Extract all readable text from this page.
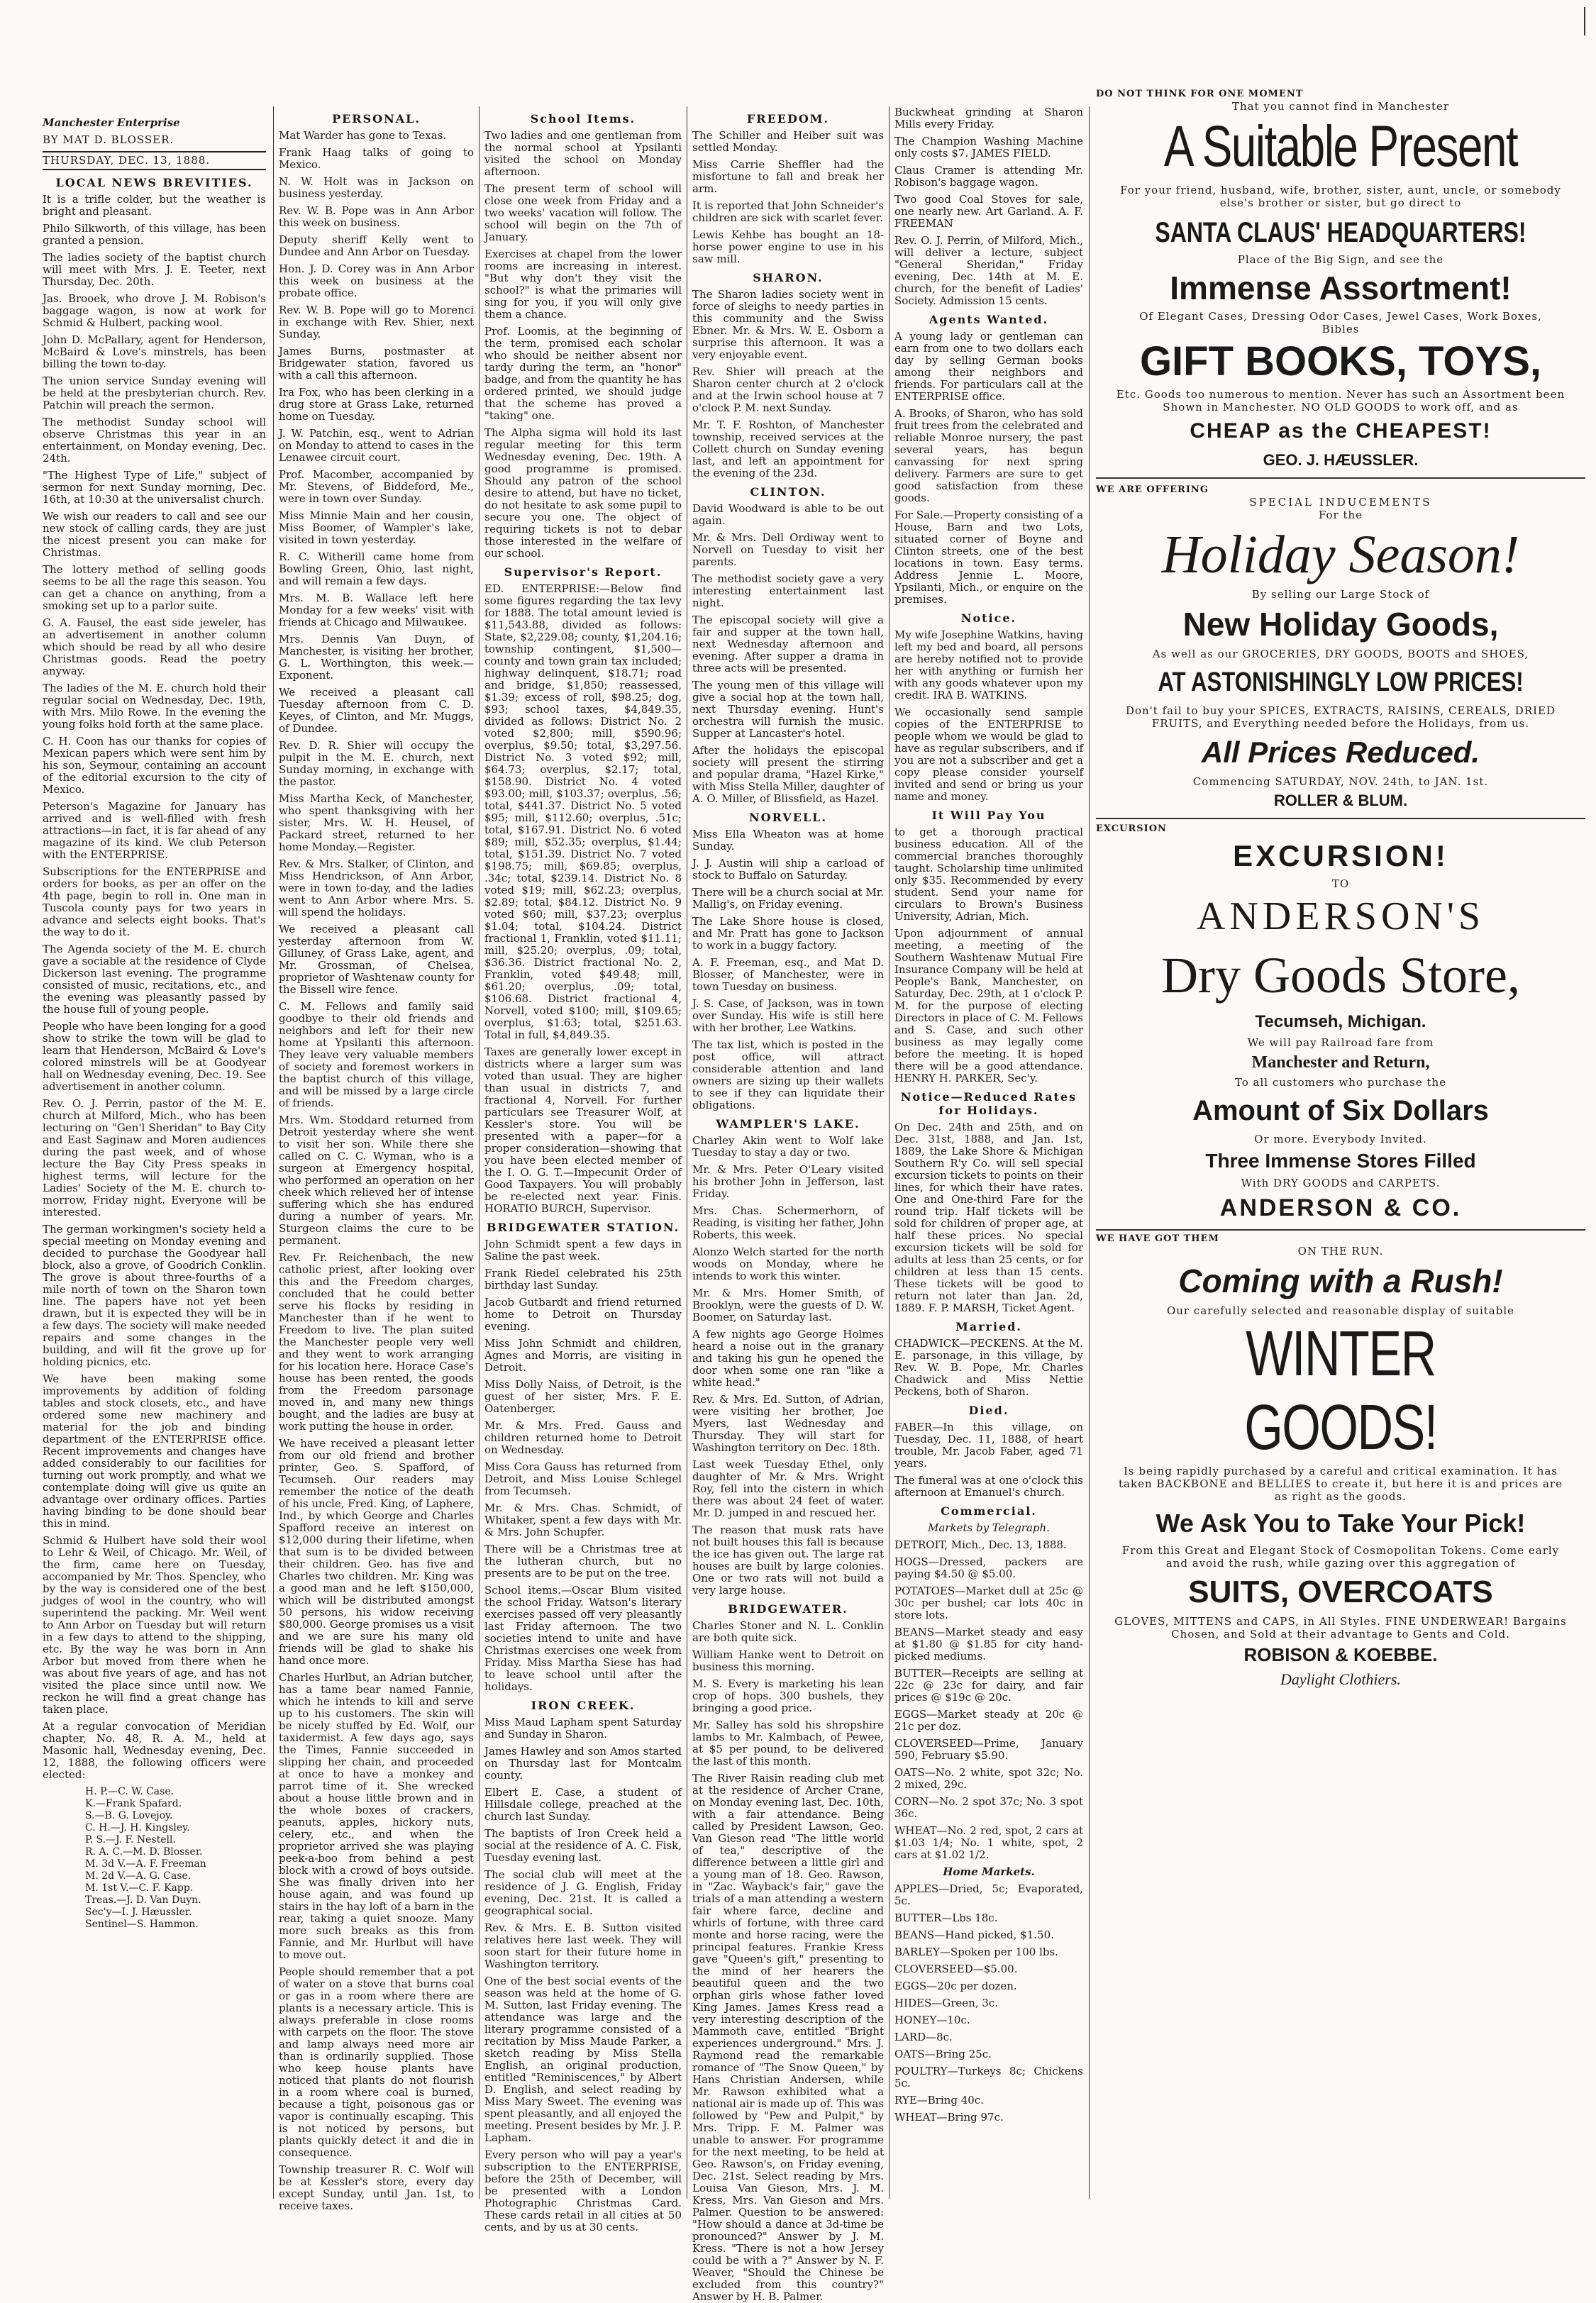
Manchester Enterprise

BY MAT D. BLOSSER.

THURSDAY, DEC. 13, 1888.

LOCAL NEWS BREVITIES.

It is a trifle colder, but the weather is bright and pleasant.

Philo Silkworth, of this village, has been granted a pension.

The ladies society of the baptist church will meet with Mrs. J. E. Teeter, next Thursday, Dec. 20th.

Jas. Brooek, who drove J. M. Robison's baggage wagon, is now at work for Schmid & Hulbert, packing wool.

John D. McPallary, agent for Henderson, McBaird & Love's minstrels, has been billing the town to-day.

The union service Sunday evening will be held at the presbyterian church. Rev. Patchin will preach the sermon.

The methodist Sunday school will observe Christmas this year in an entertainment, on Monday evening, Dec. 24th.

"The Highest Type of Life," subject of sermon for next Sunday morning, Dec. 16th, at 10:30 at the universalist church.

We wish our readers to call and see our new stock of calling cards, they are just the nicest present you can make for Christmas.

The lottery method of selling goods seems to be all the rage this season. You can get a chance on anything, from a smoking set up to a parlor suite.

G. A. Fausel, the east side jeweler, has an advertisement in another column which should be read by all who desire Christmas goods. Read the poetry anyway.

The ladies of the M. E. church hold their regular social on Wednesday, Dec. 19th, with Mrs. Milo Rowe. In the evening the young folks hold forth at the same place.

C. H. Coon has our thanks for copies of Mexican papers which were sent him by his son, Seymour, containing an account of the editorial excursion to the city of Mexico.

Peterson's Magazine for January has arrived and is well-filled with fresh attractions—in fact, it is far ahead of any magazine of its kind. We club Peterson with the ENTERPRISE.

Subscriptions for the ENTERPRISE and orders for books, as per an offer on the 4th page, begin to roll in. One man in Tuscola county pays for two years in advance and selects eight books. That's the way to do it.

The Agenda society of the M. E. church gave a sociable at the residence of Clyde Dickerson last evening. The programme consisted of music, recitations, etc., and the evening was pleasantly passed by the house full of young people.

People who have been longing for a good show to strike the town will be glad to learn that Henderson, McBaird & Love's colored minstrels will be at Goodyear hall on Wednesday evening, Dec. 19. See advertisement in another column.

Rev. O. J. Perrin, pastor of the M. E. church at Milford, Mich., who has been lecturing on "Gen'l Sheridan" to Bay City and East Saginaw and Moren audiences during the past week, and of whose lecture the Bay City Press speaks in highest terms, will lecture for the Ladies' Society of the M. E. church to-morrow, Friday night. Everyone will be interested.

The german workingmen's society held a special meeting on Monday evening and decided to purchase the Goodyear hall block, also a grove, of Goodrich Conklin. The grove is about three-fourths of a mile north of town on the Sharon town line. The papers have not yet been drawn, but it is expected they will be in a few days. The society will make needed repairs and some changes in the building, and will fit the grove up for holding picnics, etc.

We have been making some improvements by addition of folding tables and stock closets, etc., and have ordered some new machinery and material for the job and binding department of the ENTERPRISE office. Recent improvements and changes have added considerably to our facilities for turning out work promptly, and what we contemplate doing will give us quite an advantage over ordinary offices. Parties having binding to be done should bear this in mind.

Schmid & Hulbert have sold their wool to Lehr & Weil, of Chicago. Mr. Weil, of the firm, came here on Tuesday, accompanied by Mr. Thos. Spencley, who by the way is considered one of the best judges of wool in the country, who will superintend the packing. Mr. Weil went to Ann Arbor on Tuesday but will return in a few days to attend to the shipping, etc. By the way he was born in Ann Arbor but moved from there when he was about five years of age, and has not visited the place since until now. We reckon he will find a great change has taken place.

At a regular convocation of Meridian chapter, No. 48, R. A. M., held at Masonic hall, Wednesday evening, Dec. 12, 1888, the following officers were elected:

H. P.—C. W. Case.

K.—Frank Spafard.

S.—B. G. Lovejoy.

C. H.—J. H. Kingsley.

P. S.—J. F. Nestell.

R. A. C.—M. D. Blosser.

M. 3d V.—A. F. Freeman

M. 2d V.—A. G. Case.

M. 1st V.—C. F. Kapp.

Treas.—J. D. Van Duyn.

Sec'y—I. J. Hæussler.

Sentinel—S. Hammon.

PERSONAL.

Mat Warder has gone to Texas.

Frank Haag talks of going to Mexico.

N. W. Holt was in Jackson on business yesterday.

Rev. W. B. Pope was in Ann Arbor this week on business.

Deputy sheriff Kelly went to Dundee and Ann Arbor on Tuesday.

Hon. J. D. Corey was in Ann Arbor this week on business at the probate office.

Rev. W. B. Pope will go to Morenci in exchange with Rev. Shier, next Sunday.

James Burns, postmaster at Bridgewater station, favored us with a call this afternoon.

Ira Fox, who has been clerking in a drug store at Grass Lake, returned home on Tuesday.

J. W. Patchin, esq., went to Adrian on Monday to attend to cases in the Lenawee circuit court.

Prof. Macomber, accompanied by Mr. Stevens, of Biddeford, Me., were in town over Sunday.

Miss Minnie Main and her cousin, Miss Boomer, of Wampler's lake, visited in town yesterday.

R. C. Witherill came home from Bowling Green, Ohio, last night, and will remain a few days.

Mrs. M. B. Wallace left here Monday for a few weeks' visit with friends at Chicago and Milwaukee.

Mrs. Dennis Van Duyn, of Manchester, is visiting her brother, G. L. Worthington, this week.—Exponent.

We received a pleasant call Tuesday afternoon from C. D. Keyes, of Clinton, and Mr. Muggs, of Dundee.

Rev. D. R. Shier will occupy the pulpit in the M. E. church, next Sunday morning, in exchange with the pastor.

Miss Martha Keck, of Manchester, who spent thanksgiving with her sister, Mrs. W. H. Heusel, of Packard street, returned to her home Monday.—Register.

Rev. & Mrs. Stalker, of Clinton, and Miss Hendrickson, of Ann Arbor, were in town to-day, and the ladies went to Ann Arbor where Mrs. S. will spend the holidays.

We received a pleasant call yesterday afternoon from W. Gilluney, of Grass Lake, agent, and Mr. Grossman, of Chelsea, proprietor of Washtenaw county for the Bissell wire fence.

C. M. Fellows and family said goodbye to their old friends and neighbors and left for their new home at Ypsilanti this afternoon. They leave very valuable members of society and foremost workers in the baptist church of this village, and will be missed by a large circle of friends.

Mrs. Wm. Stoddard returned from Detroit yesterday where she went to visit her son. While there she called on C. C. Wyman, who is a surgeon at Emergency hospital, who performed an operation on her cheek which relieved her of intense suffering which she has endured during a number of years. Mr. Sturgeon claims the cure to be permanent.

Rev. Fr. Reichenbach, the new catholic priest, after looking over this and the Freedom charges, concluded that he could better serve his flocks by residing in Manchester than if he went to Freedom to live. The plan suited the Manchester people very well and they went to work arranging for his location here. Horace Case's house has been rented, the goods from the Freedom parsonage moved in, and many new things bought, and the ladies are busy at work putting the house in order.

We have received a pleasant letter from our old friend and brother printer, Geo. S. Spafford, of Tecumseh. Our readers may remember the notice of the death of his uncle, Fred. King, of Laphere, Ind., by which George and Charles Spafford receive an interest on $12,000 during their lifetime, when that sum is to be divided between their children. Geo. has five and Charles two children. Mr. King was a good man and he left $150,000, which will be distributed amongst 50 persons, his widow receiving $80,000. George promises us a visit and we are sure his many old friends will be glad to shake his hand once more.

Charles Hurlbut, an Adrian butcher, has a tame bear named Fannie, which he intends to kill and serve up to his customers. The skin will be nicely stuffed by Ed. Wolf, our taxidermist. A few days ago, says the Times, Fannie succeeded in slipping her chain, and proceeded at once to have a monkey and parrot time of it. She wrecked about a house little brown and in the whole boxes of crackers, peanuts, apples, hickory nuts, celery, etc., and when the proprietor arrived she was playing peek-a-boo from behind a pest block with a crowd of boys outside. She was finally driven into her house again, and was found up stairs in the hay loft of a barn in the rear, taking a quiet snooze. Many more such breaks as this from Fannie, and Mr. Hurlbut will have to move out.

People should remember that a pot of water on a stove that burns coal or gas in a room where there are plants is a necessary article. This is always preferable in close rooms with carpets on the floor. The stove and lamp always need more air than is ordinarily supplied. Those who keep house plants have noticed that plants do not flourish in a room where coal is burned, because a tight, poisonous gas or vapor is continually escaping. This is not noticed by persons, but plants quickly detect it and die in consequence.

Township treasurer R. C. Wolf will be at Kessler's store, every day except Sunday, until Jan. 1st, to receive taxes.

School Items.

Two ladies and one gentleman from the normal school at Ypsilanti visited the school on Monday afternoon.

The present term of school will close one week from Friday and a two weeks' vacation will follow. The school will begin on the 7th of January.

Exercises at chapel from the lower rooms are increasing in interest. "But why don't they visit the school?" is what the primaries will sing for you, if you will only give them a chance.

Prof. Loomis, at the beginning of the term, promised each scholar who should be neither absent nor tardy during the term, an "honor" badge, and from the quantity he has ordered printed, we should judge that the scheme has proved a "taking" one.

The Alpha sigma will hold its last regular meeting for this term Wednesday evening, Dec. 19th. A good programme is promised. Should any patron of the school desire to attend, but have no ticket, do not hesitate to ask some pupil to secure you one. The object of requiring tickets is not to debar those interested in the welfare of our school.

Supervisor's Report.

ED. ENTERPRISE:—Below find some figures regarding the tax levy for 1888. The total amount levied is $11,543.88, divided as follows: State, $2,229.08; county, $1,204.16; township contingent, $1,500—county and town grain tax included; highway delinquent, $18.71; road and bridge, $1,850; reassessed, $1.39; excess of roll, $98.25; dog, $93; school taxes, $4,849.35, divided as follows: District No. 2 voted $2,800; mill, $590.96; overplus, $9.50; total, $3,297.56. District No. 3 voted $92; mill, $64.73; overplus, $2.17; total, $158.90. District No. 4 voted $93.00; mill, $103.37; overplus, .56; total, $441.37. District No. 5 voted $95; mill, $112.60; overplus, .51c; total, $167.91. District No. 6 voted $89; mill, $52.35; overplus, $1.44; total, $151.39. District No. 7 voted $198.75; mill, $69.85; overplus, .34c; total, $239.14. District No. 8 voted $19; mill, $62.23; overplus, $2.89; total, $84.12. District No. 9 voted $60; mill, $37.23; overplus $1.04; total, $104.24. District fractional 1, Franklin, voted $11.11; mill, $25.20; overplus, .09; total, $36.36. District fractional No. 2, Franklin, voted $49.48; mill, $61.20; overplus, .09; total, $106.68. District fractional 4, Norvell, voted $100; mill, $109.65; overplus, $1.63; total, $251.63. Total in full, $4,849.35.

Taxes are generally lower except in districts where a larger sum was voted than usual. They are higher than usual in districts 7, and fractional 4, Norvell. For further particulars see Treasurer Wolf, at Kessler's store. You will be presented with a paper—for a proper consideration—showing that you have been elected member of the I. O. G. T.—Impecunit Order of Good Taxpayers. You will probably be re-elected next year. Finis. HORATIO BURCH, Supervisor.

BRIDGEWATER STATION.

John Schmidt spent a few days in Saline the past week.

Frank Riedel celebrated his 25th birthday last Sunday.

Jacob Gutbardt and friend returned home to Detroit on Thursday evening.

Miss John Schmidt and children, Agnes and Morris, are visiting in Detroit.

Miss Dolly Naiss, of Detroit, is the guest of her sister, Mrs. F. E. Oatenberger.

Mr. & Mrs. Fred. Gauss and children returned home to Detroit on Wednesday.

Miss Cora Gauss has returned from Detroit, and Miss Louise Schlegel from Tecumseh.

Mr. & Mrs. Chas. Schmidt, of Whitaker, spent a few days with Mr. & Mrs. John Schupfer.

There will be a Christmas tree at the lutheran church, but no presents are to be put on the tree.

School items.—Oscar Blum visited the school Friday. Watson's literary exercises passed off very pleasantly last Friday afternoon. The two societies intend to unite and have Christmas exercises one week from Friday. Miss Martha Siese has had to leave school until after the holidays.

IRON CREEK.

Miss Maud Lapham spent Saturday and Sunday in Sharon.

James Hawley and son Amos started on Thursday last for Montcalm county.

Elbert E. Case, a student of Hillsdale college, preached at the church last Sunday.

The baptists of Iron Creek held a social at the residence of A. C. Fisk, Tuesday evening last.

The social club will meet at the residence of J. G. English, Friday evening, Dec. 21st. It is called a geographical social.

Rev. & Mrs. E. B. Sutton visited relatives here last week. They will soon start for their future home in Washington territory.

One of the best social events of the season was held at the home of G. M. Sutton, last Friday evening. The attendance was large and the literary programme consisted of a recitation by Miss Maude Parker, a sketch reading by Miss Stella English, an original production, entitled "Reminiscences," by Albert D. English, and select reading by Miss Mary Sweet. The evening was spent pleasantly, and all enjoyed the meeting. Present besides by Mr. J. P. Lapham.

Every person who will pay a year's subscription to the ENTERPRISE, before the 25th of December, will be presented with a London Photographic Christmas Card. These cards retail in all cities at 50 cents, and by us at 30 cents.

FREEDOM.

The Schiller and Heiber suit was settled Monday.

Miss Carrie Sheffler had the misfortune to fall and break her arm.

It is reported that John Schneider's children are sick with scarlet fever.

Lewis Kehbe has bought an 18-horse power engine to use in his saw mill.

SHARON.

The Sharon ladies society went in force of sleighs to needy parties in this community and the Swiss Ebner. Mr. & Mrs. W. E. Osborn a surprise this afternoon. It was a very enjoyable event.

Rev. Shier will preach at the Sharon center church at 2 o'clock and at the Irwin school house at 7 o'clock P. M. next Sunday.

Mr. T. F. Roshton, of Manchester township, received services at the Collett church on Sunday evening last, and left an appointment for the evening of the 23d.

CLINTON.

David Woodward is able to be out again.

Mr. & Mrs. Dell Ordiway went to Norvell on Tuesday to visit her parents.

The methodist society gave a very interesting entertainment last night.

The episcopal society will give a fair and supper at the town hall, next Wednesday afternoon and evening. After supper a drama in three acts will be presented.

The young men of this village will give a social hop at the town hall, next Thursday evening. Hunt's orchestra will furnish the music. Supper at Lancaster's hotel.

After the holidays the episcopal society will present the stirring and popular drama, "Hazel Kirke," with Miss Stella Miller, daughter of A. O. Miller, of Blissfield, as Hazel.

NORVELL.

Miss Ella Wheaton was at home Sunday.

J. J. Austin will ship a carload of stock to Buffalo on Saturday.

There will be a church social at Mr. Mallig's, on Friday evening.

The Lake Shore house is closed, and Mr. Pratt has gone to Jackson to work in a buggy factory.

A. F. Freeman, esq., and Mat D. Blosser, of Manchester, were in town Tuesday on business.

J. S. Case, of Jackson, was in town over Sunday. His wife is still here with her brother, Lee Watkins.

The tax list, which is posted in the post office, will attract considerable attention and land owners are sizing up their wallets to see if they can liquidate their obligations.

WAMPLER'S LAKE.

Charley Akin went to Wolf lake Tuesday to stay a day or two.

Mr. & Mrs. Peter O'Leary visited his brother John in Jefferson, last Friday.

Mrs. Chas. Schermerhorn, of Reading, is visiting her father, John Roberts, this week.

Alonzo Welch started for the north woods on Monday, where he intends to work this winter.

Mr. & Mrs. Homer Smith, of Brooklyn, were the guests of D. W. Boomer, on Saturday last.

A few nights ago George Holmes heard a noise out in the granary and taking his gun he opened the door when some one ran "like a white head."

Rev. & Mrs. Ed. Sutton, of Adrian, were visiting her brother, Joe Myers, last Wednesday and Thursday. They will start for Washington territory on Dec. 18th.

Last week Tuesday Ethel, only daughter of Mr. & Mrs. Wright Roy, fell into the cistern in which there was about 24 feet of water. Mr. D. jumped in and rescued her.

The reason that musk rats have not built houses this fall is because the ice has given out. The large rat houses are built by large colonies. One or two rats will not build a very large house.

BRIDGEWATER.

Charles Stoner and N. L. Conklin are both quite sick.

William Hanke went to Detroit on business this morning.

M. S. Every is marketing his lean crop of hops. 300 bushels, they bringing a good price.

Mr. Salley has sold his shropshire lambs to Mr. Kalmbach, of Pewee, at $5 per pound, to be delivered the last of this month.

The River Raisin reading club met at the residence of Archer Crane, on Monday evening last, Dec. 10th, with a fair attendance. Being called by President Lawson, Geo. Van Gieson read "The little world of tea," descriptive of the difference between a little girl and a young man of 18. Geo. Rawson, in "Zac. Wayback's fair," gave the trials of a man attending a western fair where farce, decline and whirls of fortune, with three card monte and horse racing, were the principal features. Frankie Kress gave "Queen's gift," presenting to the mind of her hearers the beautiful queen and the two orphan girls whose father loved King James. James Kress read a very interesting description of the Mammoth cave, entitled "Bright experiences underground." Mrs. J. Raymond read the remarkable romance of "The Snow Queen," by Hans Christian Andersen, while Mr. Rawson exhibited what a national air is made up of. This was followed by "Pew and Pulpit," by Mrs. Tripp. F. M. Palmer was unable to answer. For programme for the next meeting, to be held at Geo. Rawson's, on Friday evening, Dec. 21st. Select reading by Mrs. Louisa Van Gieson, Mrs. J. M. Kress, Mrs. Van Gieson and Mrs. Palmer. Question to be answered: "How should a dance at 3d-time be pronounced?" Answer by J. M. Kress. "There is not a how Jersey could be with a ?" Answer by N. F. Weaver, "Should the Chinese be excluded from this country?" Answer by H. B. Palmer.

Buckwheat grinding at Sharon Mills every Friday.

The Champion Washing Machine only costs $7. JAMES FIELD.

Claus Cramer is attending Mr. Robison's baggage wagon.

Two good Coal Stoves for sale, one nearly new. Art Garland. A. F. FREEMAN

Rev. O. J. Perrin, of Milford, Mich., will deliver a lecture, subject "General Sheridan," Friday evening, Dec. 14th at M. E. church, for the benefit of Ladies' Society. Admission 15 cents.

Agents Wanted.

A young lady or gentleman can earn from one to two dollars each day by selling German books among their neighbors and friends. For particulars call at the ENTERPRISE office.

A. Brooks, of Sharon, who has sold fruit trees from the celebrated and reliable Monroe nursery, the past several years, has begun canvassing for next spring delivery. Farmers are sure to get good satisfaction from these goods.

For Sale.—Property consisting of a House, Barn and two Lots, situated corner of Boyne and Clinton streets, one of the best locations in town. Easy terms. Address Jennie L. Moore, Ypsilanti, Mich., or enquire on the premises.

Notice.

My wife Josephine Watkins, having left my bed and board, all persons are hereby notified not to provide her with anything or furnish her with any goods whatever upon my credit. IRA B. WATKINS.

We occasionally send sample copies of the ENTERPRISE to people whom we would be glad to have as regular subscribers, and if you are not a subscriber and get a copy please consider yourself invited and send or bring us your name and money.

It Will Pay You

to get a thorough practical business education. All of the commercial branches thoroughly taught. Scholarship time unlimited only $35. Recommended by every student. Send your name for circulars to Brown's Business University, Adrian, Mich.

Upon adjournment of annual meeting, a meeting of the Southern Washtenaw Mutual Fire Insurance Company will be held at People's Bank, Manchester, on Saturday, Dec. 29th, at 1 o'clock P. M. for the purpose of electing Directors in place of C. M. Fellows and S. Case, and such other business as may legally come before the meeting. It is hoped there will be a good attendance. HENRY H. PARKER, Sec'y.

Notice—Reduced Rates for Holidays.

On Dec. 24th and 25th, and on Dec. 31st, 1888, and Jan. 1st, 1889, the Lake Shore & Michigan Southern R'y Co. will sell special excursion tickets to points on their lines, for which their have rates. One and One-third Fare for the round trip. Half tickets will be sold for children of proper age, at half these prices. No special excursion tickets will be sold for adults at less than 25 cents, or for children at less than 15 cents. These tickets will be good to return not later than Jan. 2d, 1889. F. P. MARSH, Ticket Agent.

Married.

CHADWICK—PECKENS. At the M. E. parsonage, in this village, by Rev. W. B. Pope, Mr. Charles Chadwick and Miss Nettie Peckens, both of Sharon.

Died.

FABER—In this village, on Tuesday, Dec. 11, 1888, of heart trouble, Mr. Jacob Faber, aged 71 years.

The funeral was at one o'clock this afternoon at Emanuel's church.

Commercial.

Markets by Telegraph.

DETROIT, Mich., Dec. 13, 1888.

HOGS—Dressed, packers are paying $4.50 @ $5.00.

POTATOES—Market dull at 25c @ 30c per bushel; car lots 40c in store lots.

BEANS—Market steady and easy at $1.80 @ $1.85 for city hand-picked mediums.

BUTTER—Receipts are selling at 22c @ 23c for dairy, and fair prices @ $19c @ 20c.

EGGS—Market steady at 20c @ 21c per doz.

CLOVERSEED—Prime, January 590, February $5.90.

OATS—No. 2 white, spot 32c; No. 2 mixed, 29c.

CORN—No. 2 spot 37c; No. 3 spot 36c.

WHEAT—No. 2 red, spot, 2 cars at $1.03 1/4; No. 1 white, spot, 2 cars at $1.02 1/2.

Home Markets.

APPLES—Dried, 5c; Evaporated, 5c.

BUTTER—Lbs 18c.

BEANS—Hand picked, $1.50.

BARLEY—Spoken per 100 lbs.

CLOVERSEED—$5.00.

EGGS—20c per dozen.

HIDES—Green, 3c.

HONEY—10c.

LARD—8c.

OATS—Bring 25c.

POULTRY—Turkeys 8c; Chickens 5c.

RYE—Bring 40c.

WHEAT—Bring 97c.

DO NOT THINK FOR ONE MOMENT
That you cannot find in Manchester
A Suitable Present
For your friend, husband, wife, brother, sister, aunt, uncle, or somebody else's brother or sister, but go direct to
SANTA CLAUS' HEADQUARTERS!
Place of the Big Sign, and see the
Immense Assortment!
Of Elegant Cases, Dressing Odor Cases, Jewel Cases, Work Boxes, Bibles
GIFT BOOKS, TOYS,
Etc. Goods too numerous to mention. Never has such an Assortment been Shown in Manchester. NO OLD GOODS to work off, and as
CHEAP as the CHEAPEST!
GEO. J. HÆUSSLER.
WE ARE OFFERING
SPECIAL INDUCEMENTS
For the
Holiday Season!
By selling our Large Stock of
New Holiday Goods,
As well as our GROCERIES, DRY GOODS, BOOTS and SHOES,
AT ASTONISHINGLY LOW PRICES!
Don't fail to buy your SPICES, EXTRACTS, RAISINS, CEREALS, DRIED FRUITS, and Everything needed before the Holidays, from us.
All Prices Reduced.
Commencing SATURDAY, NOV. 24th, to JAN. 1st.
ROLLER & BLUM.
EXCURSION
EXCURSION!
TO
ANDERSON'S
Dry Goods Store,
Tecumseh, Michigan.
We will pay Railroad fare from
Manchester and Return,
To all customers who purchase the
Amount of Six Dollars
Or more. Everybody Invited.
Three Immense Stores Filled
With DRY GOODS and CARPETS.
ANDERSON & CO.
WE HAVE GOT THEM
ON THE RUN.
Coming with a Rush!
Our carefully selected and reasonable display of suitable
WINTER GOODS!
Is being rapidly purchased by a careful and critical examination. It has taken BACKBONE and BELLIES to create it, but here it is and prices are as right as the goods.
We Ask You to Take Your Pick!
From this Great and Elegant Stock of Cosmopolitan Tokens. Come early and avoid the rush, while gazing over this aggregation of
SUITS, OVERCOATS
GLOVES, MITTENS and CAPS, in All Styles. FINE UNDERWEAR! Bargains Chosen, and Sold at their advantage to Gents and Cold.
ROBISON & KOEBBE.
Daylight Clothiers.
